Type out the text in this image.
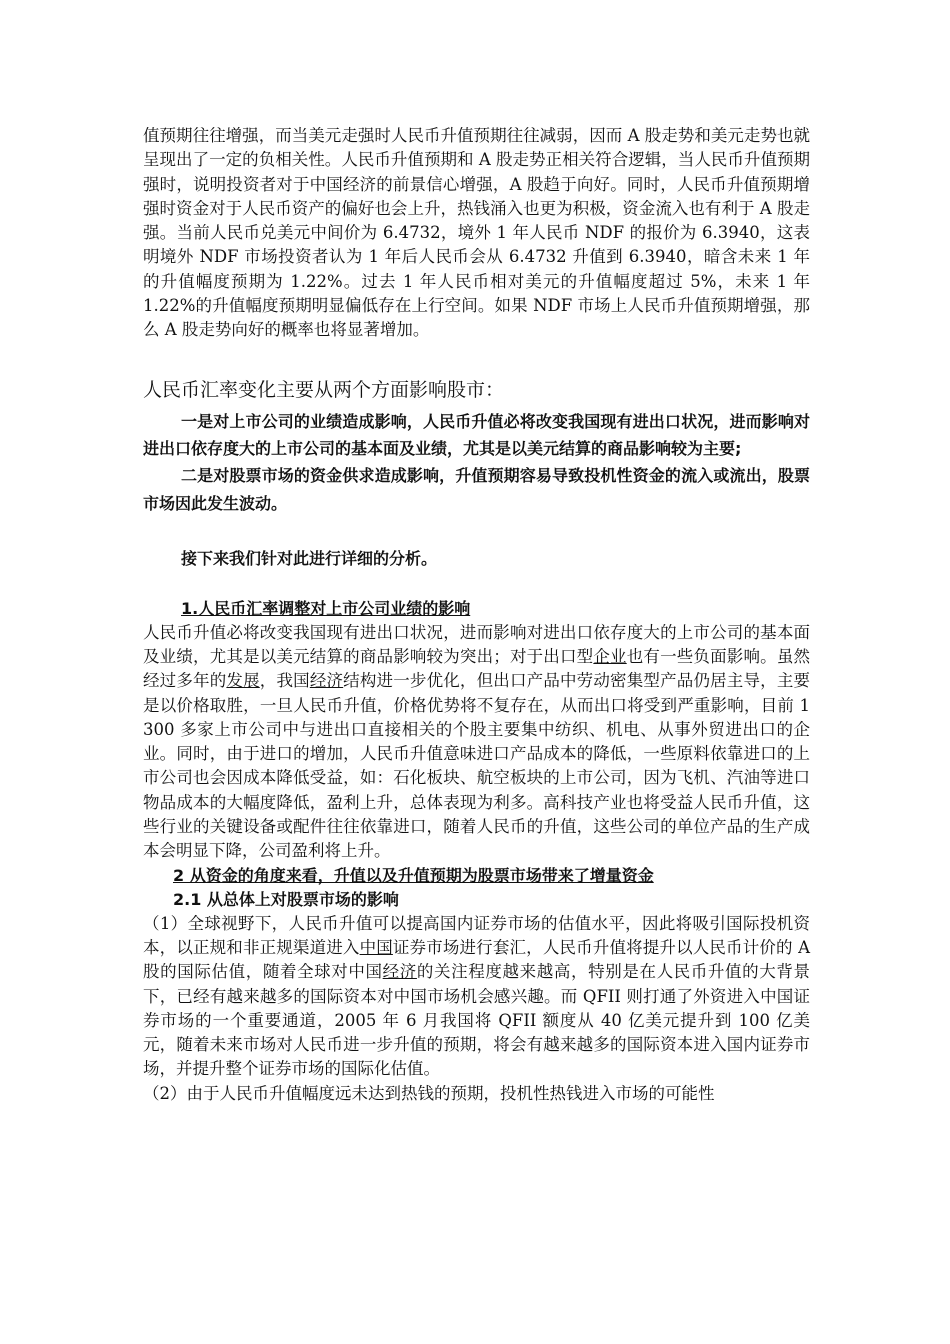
值预期往往增强，而当美元走强时人民币升值预期往往减弱，因而 A 股走势和美元走势也就呈现出了一定的负相关性。人民币升值预期和 A 股走势正相关符合逻辑，当人民币升值预期强时，说明投资者对于中国经济的前景信心增强，A 股趋于向好。同时，人民币升值预期增强时资金对于人民币资产的偏好也会上升，热钱涌入也更为积极，资金流入也有利于 A 股走强。当前人民币兑美元中间价为 6.4732，境外 1 年人民币 NDF 的报价为 6.3940，这表明境外 NDF 市场投资者认为 1 年后人民币会从 6.4732 升值到 6.3940，暗含未来 1 年的升值幅度预期为 1.22%。过去 1 年人民币相对美元的升值幅度超过 5%，未来 1 年 1.22%的升值幅度预期明显偏低存在上行空间。如果 NDF 市场上人民币升值预期增强，那么 A 股走势向好的概率也将显著增加。

人民币汇率变化主要从两个方面影响股市：

一是对上市公司的业绩造成影响，人民币升值必将改变我国现有进出口状况，进而影响对进出口依存度大的上市公司的基本面及业绩，尤其是以美元结算的商品影响较为主要;

二是对股票市场的资金供求造成影响，升值预期容易导致投机性资金的流入或流出，股票市场因此发生波动。

接下来我们针对此进行详细的分析。

1.人民币汇率调整对上市公司业绩的影响

人民币升值必将改变我国现有进出口状况，进而影响对进出口依存度大的上市公司的基本面及业绩，尤其是以美元结算的商品影响较为突出；对于出口型企业也有一些负面影响。虽然经过多年的发展，我国经济结构进一步优化，但出口产品中劳动密集型产品仍居主导，主要是以价格取胜，一旦人民币升值，价格优势将不复存在，从而出口将受到严重影响，目前 1 300 多家上市公司中与进出口直接相关的个股主要集中纺织、机电、从事外贸进出口的企业。同时，由于进口的增加，人民币升值意味进口产品成本的降低，一些原料依靠进口的上市公司也会因成本降低受益，如：石化板块、航空板块的上市公司，因为飞机、汽油等进口物品成本的大幅度降低，盈利上升，总体表现为利多。高科技产业也将受益人民币升值，这些行业的关键设备或配件往往依靠进口，随着人民币的升值，这些公司的单位产品的生产成本会明显下降，公司盈利将上升。

2 从资金的角度来看，升值以及升值预期为股票市场带来了增量资金

2.1 从总体上对股票市场的影响

（1）全球视野下，人民币升值可以提高国内证券市场的估值水平，因此将吸引国际投机资本，以正规和非正规渠道进入中国证券市场进行套汇，人民币升值将提升以人民币计价的 A 股的国际估值，随着全球对中国经济的关注程度越来越高，特别是在人民币升值的大背景下，已经有越来越多的国际资本对中国市场机会感兴趣。而 QFII 则打通了外资进入中国证券市场的一个重要通道，2005 年 6 月我国将 QFII 额度从 40 亿美元提升到 100 亿美元，随着未来市场对人民币进一步升值的预期，将会有越来越多的国际资本进入国内证券市场，并提升整个证券市场的国际化估值。

（2）由于人民币升值幅度远未达到热钱的预期，投机性热钱进入市场的可能性
